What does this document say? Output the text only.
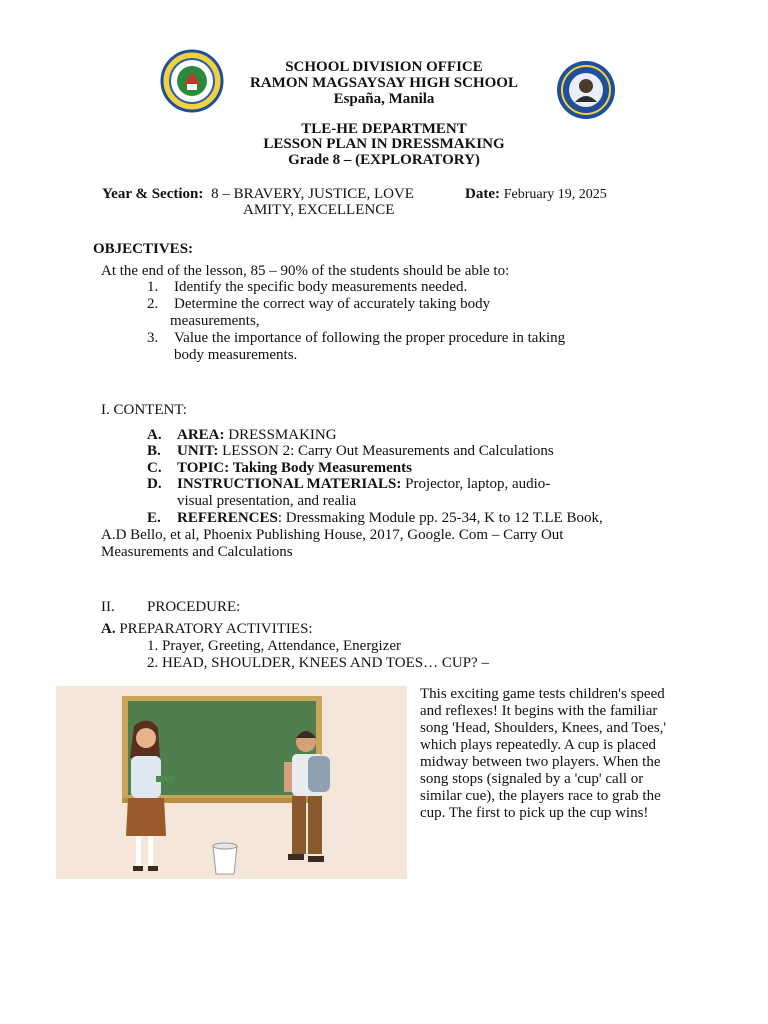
SCHOOL DIVISION OFFICE
RAMON MAGSAYSAY HIGH SCHOOL
España, Manila
TLE-HE DEPARTMENT
LESSON PLAN IN DRESSMAKING
Grade 8 – (EXPLORATORY)
Year & Section: 8 – BRAVERY, JUSTICE, LOVE
AMITY, EXCELLENCE
Date: February 19, 2025
OBJECTIVES:
At the end of the lesson, 85 – 90% of the students should be able to:
1. Identify the specific body measurements needed.
2. Determine the correct way of accurately taking body
measurements,
3. Value the importance of following the proper procedure in taking
body measurements.
I. CONTENT:
A. AREA: DRESSMAKING
B. UNIT: LESSON 2: Carry Out Measurements and Calculations
C. TOPIC: Taking Body Measurements
D. INSTRUCTIONAL MATERIALS: Projector, laptop, audio-
visual presentation, and realia
E. REFERENCES: Dressmaking Module pp. 25-34, K to 12 T.LE Book,
A.D Bello, et al, Phoenix Publishing House, 2017, Google. Com – Carry Out
Measurements and Calculations
II. PROCEDURE:
A. PREPARATORY ACTIVITIES:
1. Prayer, Greeting, Attendance, Energizer
2. HEAD, SHOULDER, KNEES AND TOES… CUP? –
This exciting game tests children's speed and reflexes! It begins with the familiar song 'Head, Shoulders, Knees, and Toes,' which plays repeatedly. A cup is placed midway between two players. When the song stops (signaled by a 'cup' call or similar cue), the players race to grab the cup. The first to pick up the cup wins!
